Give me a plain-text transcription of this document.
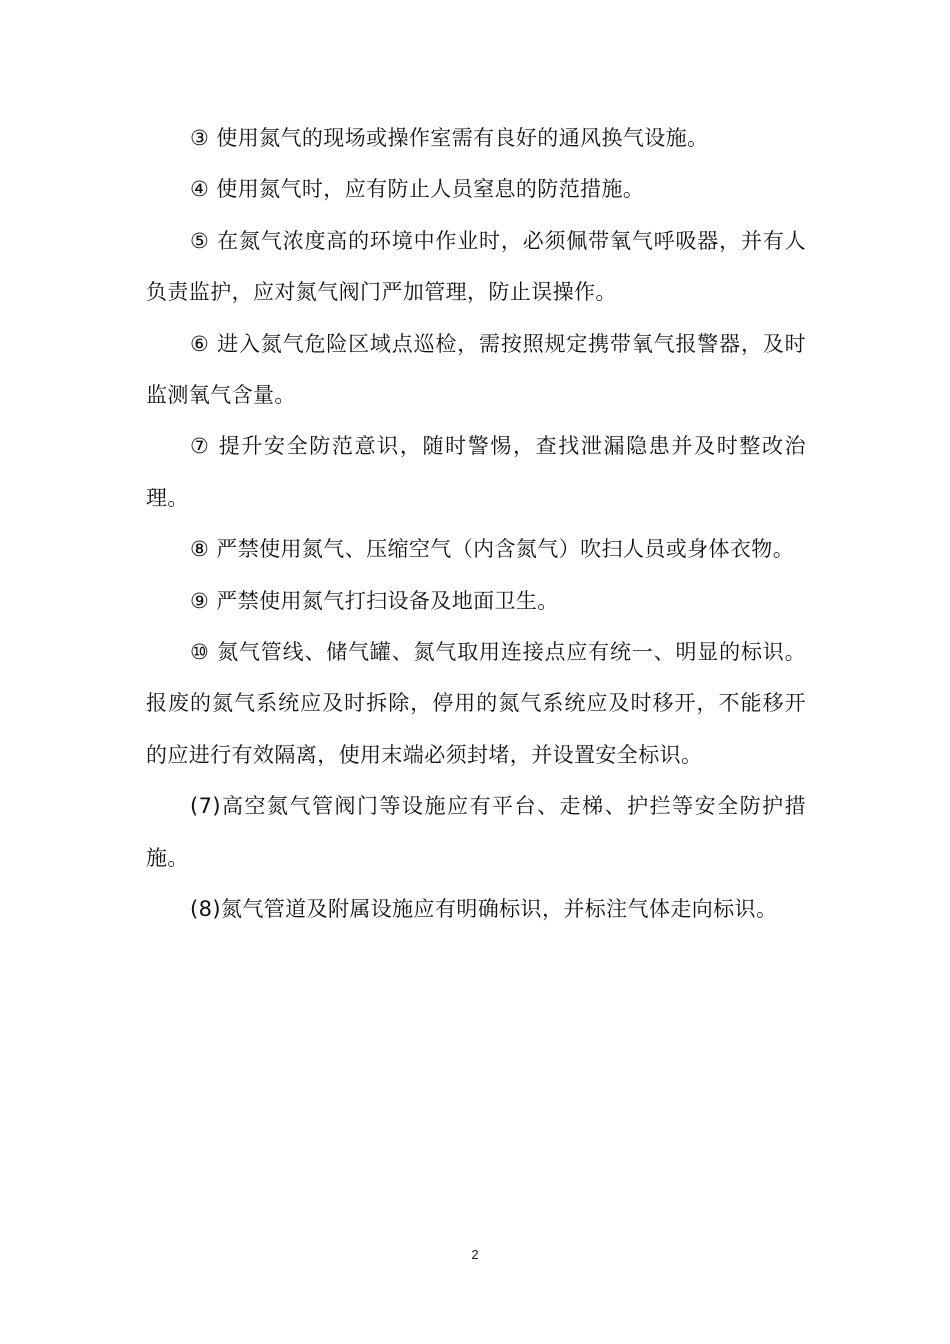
③ 使用氮气的现场或操作室需有良好的通风换气设施。

④ 使用氮气时，应有防止人员窒息的防范措施。

⑤ 在氮气浓度高的环境中作业时，必须佩带氧气呼吸器，并有人负责监护，应对氮气阀门严加管理，防止误操作。

⑥ 进入氮气危险区域点巡检，需按照规定携带氧气报警器，及时监测氧气含量。

⑦ 提升安全防范意识，随时警惕，查找泄漏隐患并及时整改治理。

⑧ 严禁使用氮气、压缩空气（内含氮气）吹扫人员或身体衣物。

⑨ 严禁使用氮气打扫设备及地面卫生。

⑩ 氮气管线、储气罐、氮气取用连接点应有统一、明显的标识。报废的氮气系统应及时拆除，停用的氮气系统应及时移开，不能移开的应进行有效隔离，使用末端必须封堵，并设置安全标识。

(7)高空氮气管阀门等设施应有平台、走梯、护拦等安全防护措施。

(8)氮气管道及附属设施应有明确标识，并标注气体走向标识。

2
